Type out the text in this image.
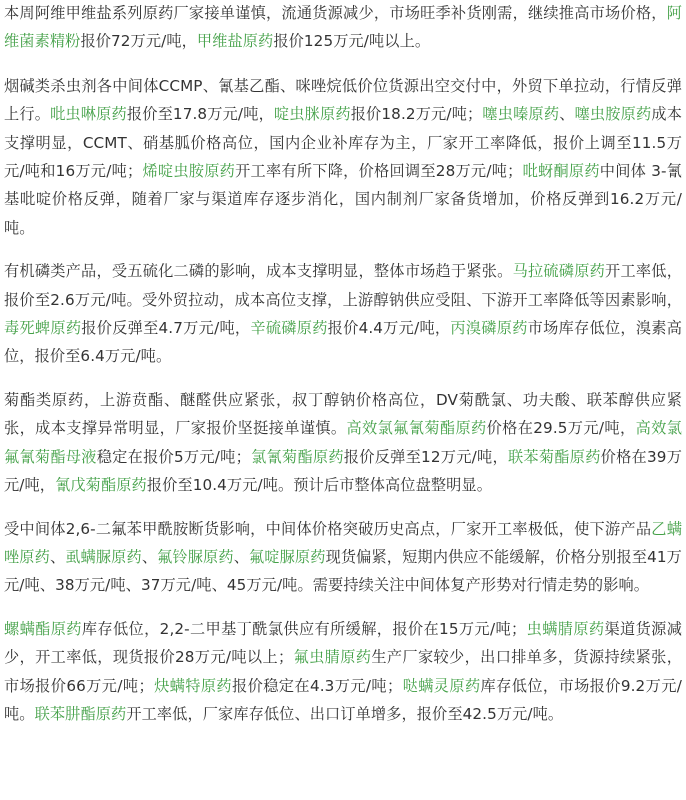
本周阿维甲维盐系列原药厂家接单谨慎，流通货源减少，市场旺季补货刚需，继续推高市场价格，阿维菌素精粉报价72万元/吨，甲维盐原药报价125万元/吨以上。

烟碱类杀虫剂各中间体CCMP、氰基乙酯、咪唑烷低价位货源出空交付中，外贸下单拉动，行情反弹上行。吡虫啉原药报价至17.8万元/吨，啶虫脒原药报价18.2万元/吨；噻虫嗪原药、噻虫胺原药成本支撑明显，CCMT、硝基胍价格高位，国内企业补库存为主，厂家开工率降低，报价上调至11.5万元/吨和16万元/吨；烯啶虫胺原药开工率有所下降，价格回调至28万元/吨；吡蚜酮原药中间体 3-氰基吡啶价格反弹，随着厂家与渠道库存逐步消化，国内制剂厂家备货增加，价格反弹到16.2万元/吨。

有机磷类产品，受五硫化二磷的影响，成本支撑明显，整体市场趋于紧张。马拉硫磷原药开工率低，报价至2.6万元/吨。受外贸拉动，成本高位支撑，上游醇钠供应受阻、下游开工率降低等因素影响，毒死蜱原药报价反弹至4.7万元/吨，辛硫磷原药报价4.4万元/吨，丙溴磷原药市场库存低位，溴素高位，报价至6.4万元/吨。

菊酯类原药，上游贲酯、醚醛供应紧张，叔丁醇钠价格高位，DV菊酰氯、功夫酸、联苯醇供应紧张，成本支撑异常明显，厂家报价坚挺接单谨慎。高效氯氟氰菊酯原药价格在29.5万元/吨，高效氯氟氰菊酯母液稳定在报价5万元/吨；氯氰菊酯原药报价反弹至12万元/吨，联苯菊酯原药价格在39万元/吨，氰戊菊酯原药报价至10.4万元/吨。预计后市整体高位盘整明显。

受中间体2,6-二氟苯甲酰胺断货影响，中间体价格突破历史高点，厂家开工率极低，使下游产品乙螨唑原药、虱螨脲原药、氟铃脲原药、氟啶脲原药现货偏紧，短期内供应不能缓解，价格分别报至41万元/吨、38万元/吨、37万元/吨、45万元/吨。需要持续关注中间体复产形势对行情走势的影响。

螺螨酯原药库存低位，2,2-二甲基丁酰氯供应有所缓解，报价在15万元/吨；虫螨腈原药渠道货源减少，开工率低，现货报价28万元/吨以上；氟虫腈原药生产厂家较少，出口排单多，货源持续紧张，市场报价66万元/吨；炔螨特原药报价稳定在4.3万元/吨；哒螨灵原药库存低位，市场报价9.2万元/吨。联苯肼酯原药开工率低，厂家库存低位、出口订单增多，报价至42.5万元/吨。
